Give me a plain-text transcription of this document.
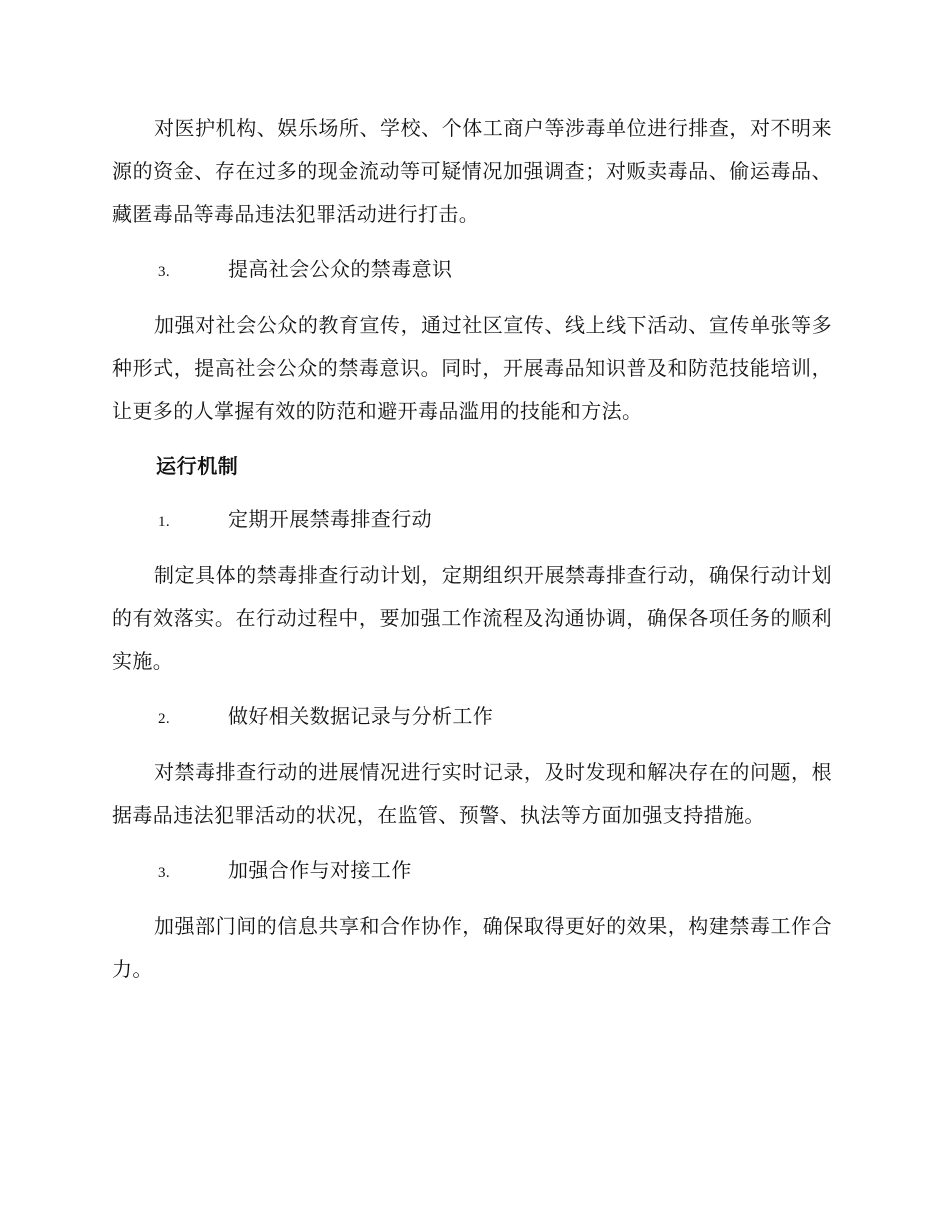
对医护机构、娱乐场所、学校、个体工商户等涉毒单位进行排查，对不明来源的资金、存在过多的现金流动等可疑情况加强调查；对贩卖毒品、偷运毒品、藏匿毒品等毒品违法犯罪活动进行打击。

3.	提高社会公众的禁毒意识

加强对社会公众的教育宣传，通过社区宣传、线上线下活动、宣传单张等多种形式，提高社会公众的禁毒意识。同时，开展毒品知识普及和防范技能培训，让更多的人掌握有效的防范和避开毒品滥用的技能和方法。

运行机制
1.	定期开展禁毒排查行动

制定具体的禁毒排查行动计划，定期组织开展禁毒排查行动，确保行动计划的有效落实。在行动过程中，要加强工作流程及沟通协调，确保各项任务的顺利实施。

2.	做好相关数据记录与分析工作

对禁毒排查行动的进展情况进行实时记录，及时发现和解决存在的问题，根据毒品违法犯罪活动的状况，在监管、预警、执法等方面加强支持措施。

3.	加强合作与对接工作

加强部门间的信息共享和合作协作，确保取得更好的效果，构建禁毒工作合力。
